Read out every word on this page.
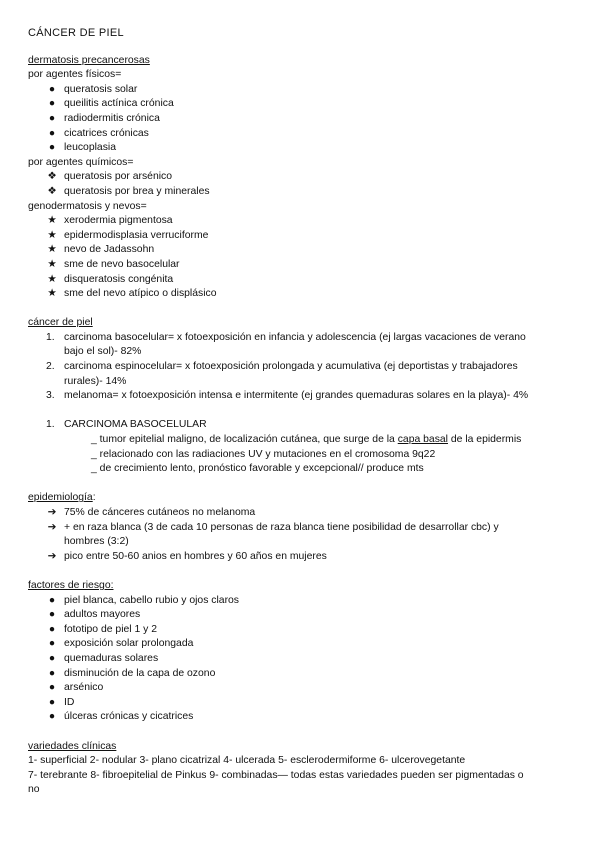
CÁNCER DE PIEL
dermatosis precancerosas
por agentes físicos=
● queratosis solar
● queilitis actínica crónica
● radiodermitis crónica
● cicatrices crónicas
● leucoplasia
por agentes químicos=
❖ queratosis por arsénico
❖ queratosis por brea y minerales
genodermatosis y nevos=
★ xerodermia pigmentosa
★ epidermodisplasia verruciforme
★ nevo de Jadassohn
★ sme de nevo basocelular
★ disqueratosis congénita
★ sme del nevo atípico o displásico
cáncer de piel
1. carcinoma basocelular= x fotoexposición en infancia y adolescencia (ej largas vacaciones de verano
bajo el sol)- 82%
2. carcinoma espinocelular= x fotoexposición prolongada y acumulativa (ej deportistas y trabajadores
rurales)- 14%
3. melanoma= x fotoexposición intensa e intermitente (ej grandes quemaduras solares en la playa)- 4%
1. CARCINOMA BASOCELULAR
_ tumor epitelial maligno, de localización cutánea, que surge de la capa basal de la epidermis
_ relacionado con las radiaciones UV y mutaciones en el cromosoma 9q22
_ de crecimiento lento, pronóstico favorable y excepcional// produce mts
epidemiología:
➔ 75% de cánceres cutáneos no melanoma
➔ + en raza blanca (3 de cada 10 personas de raza blanca tiene posibilidad de desarrollar cbc) y
hombres (3:2)
➔ pico entre 50-60 anios en hombres y 60 años en mujeres
factores de riesgo:
● piel blanca, cabello rubio y ojos claros
● adultos mayores
● fototipo de piel 1 y 2
● exposición solar prolongada
● quemaduras solares
● disminución de la capa de ozono
● arsénico
● ID
● úlceras crónicas y cicatrices
variedades clínicas
1- superficial 2- nodular 3- plano cicatrizal 4- ulcerada 5- esclerodermiforme 6- ulcerovegetante
7- terebrante 8- fibroepitelial de Pinkus 9- combinadas— todas estas variedades pueden ser pigmentadas o
no
